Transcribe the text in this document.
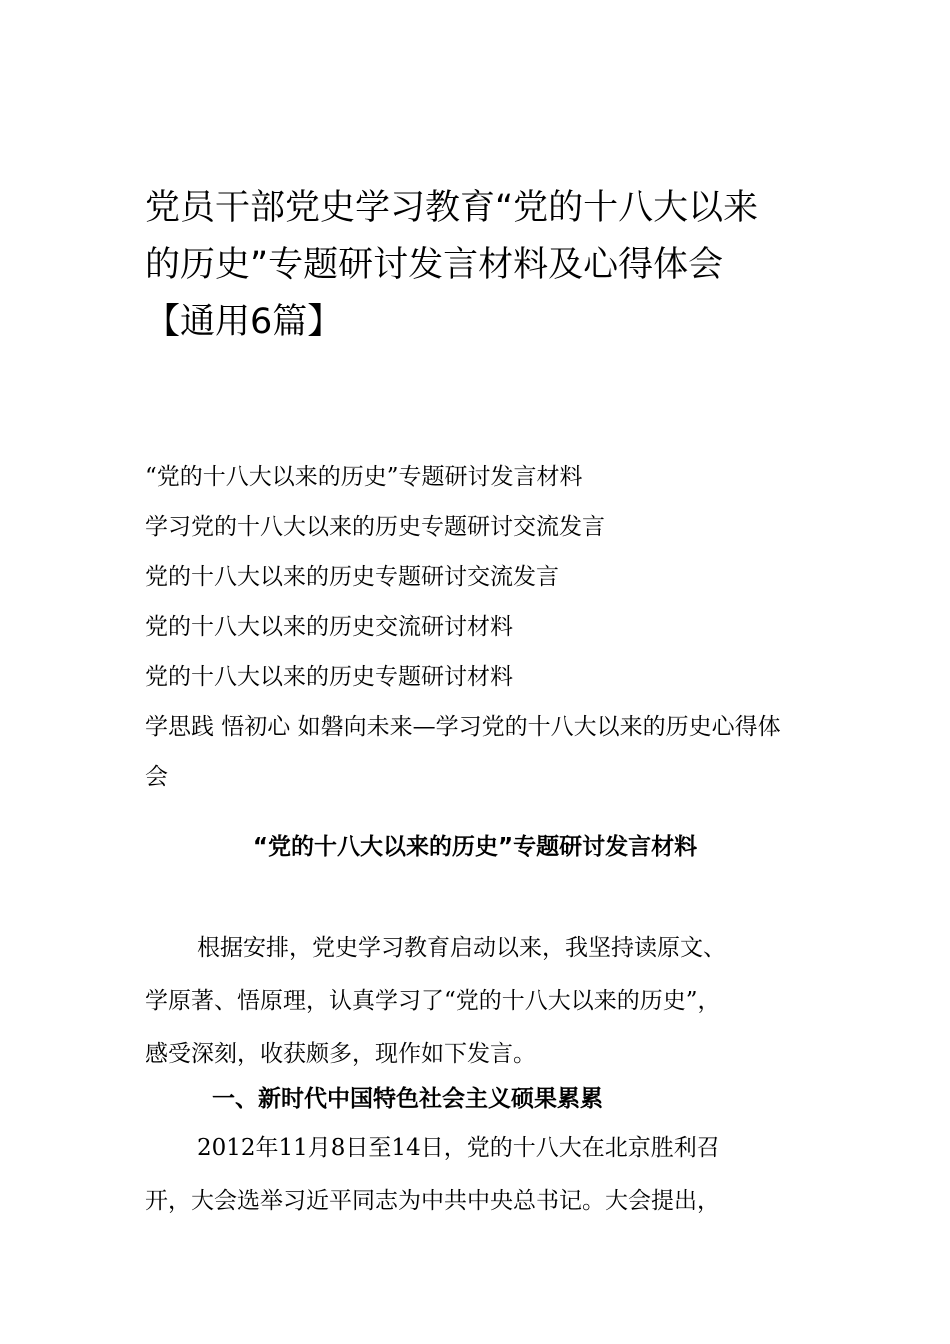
党员干部党史学习教育“党的十八大以来
的历史”专题研讨发言材料及心得体会
【通用6篇】
“党的十八大以来的历史”专题研讨发言材料
学习党的十八大以来的历史专题研讨交流发言
党的十八大以来的历史专题研讨交流发言
党的十八大以来的历史交流研讨材料
党的十八大以来的历史专题研讨材料
学思践 悟初心 如磐向未来—学习党的十八大以来的历史心得体会
“党的十八大以来的历史”专题研讨发言材料

根据安排，党史学习教育启动以来，我坚持读原文、
学原著、悟原理，认真学习了“党的十八大以来的历史”，
感受深刻，收获颇多，现作如下发言。

一、新时代中国特色社会主义硕果累累

2012年11月8日至14日，党的十八大在北京胜利召
开，大会选举习近平同志为中共中央总书记。大会提出，
